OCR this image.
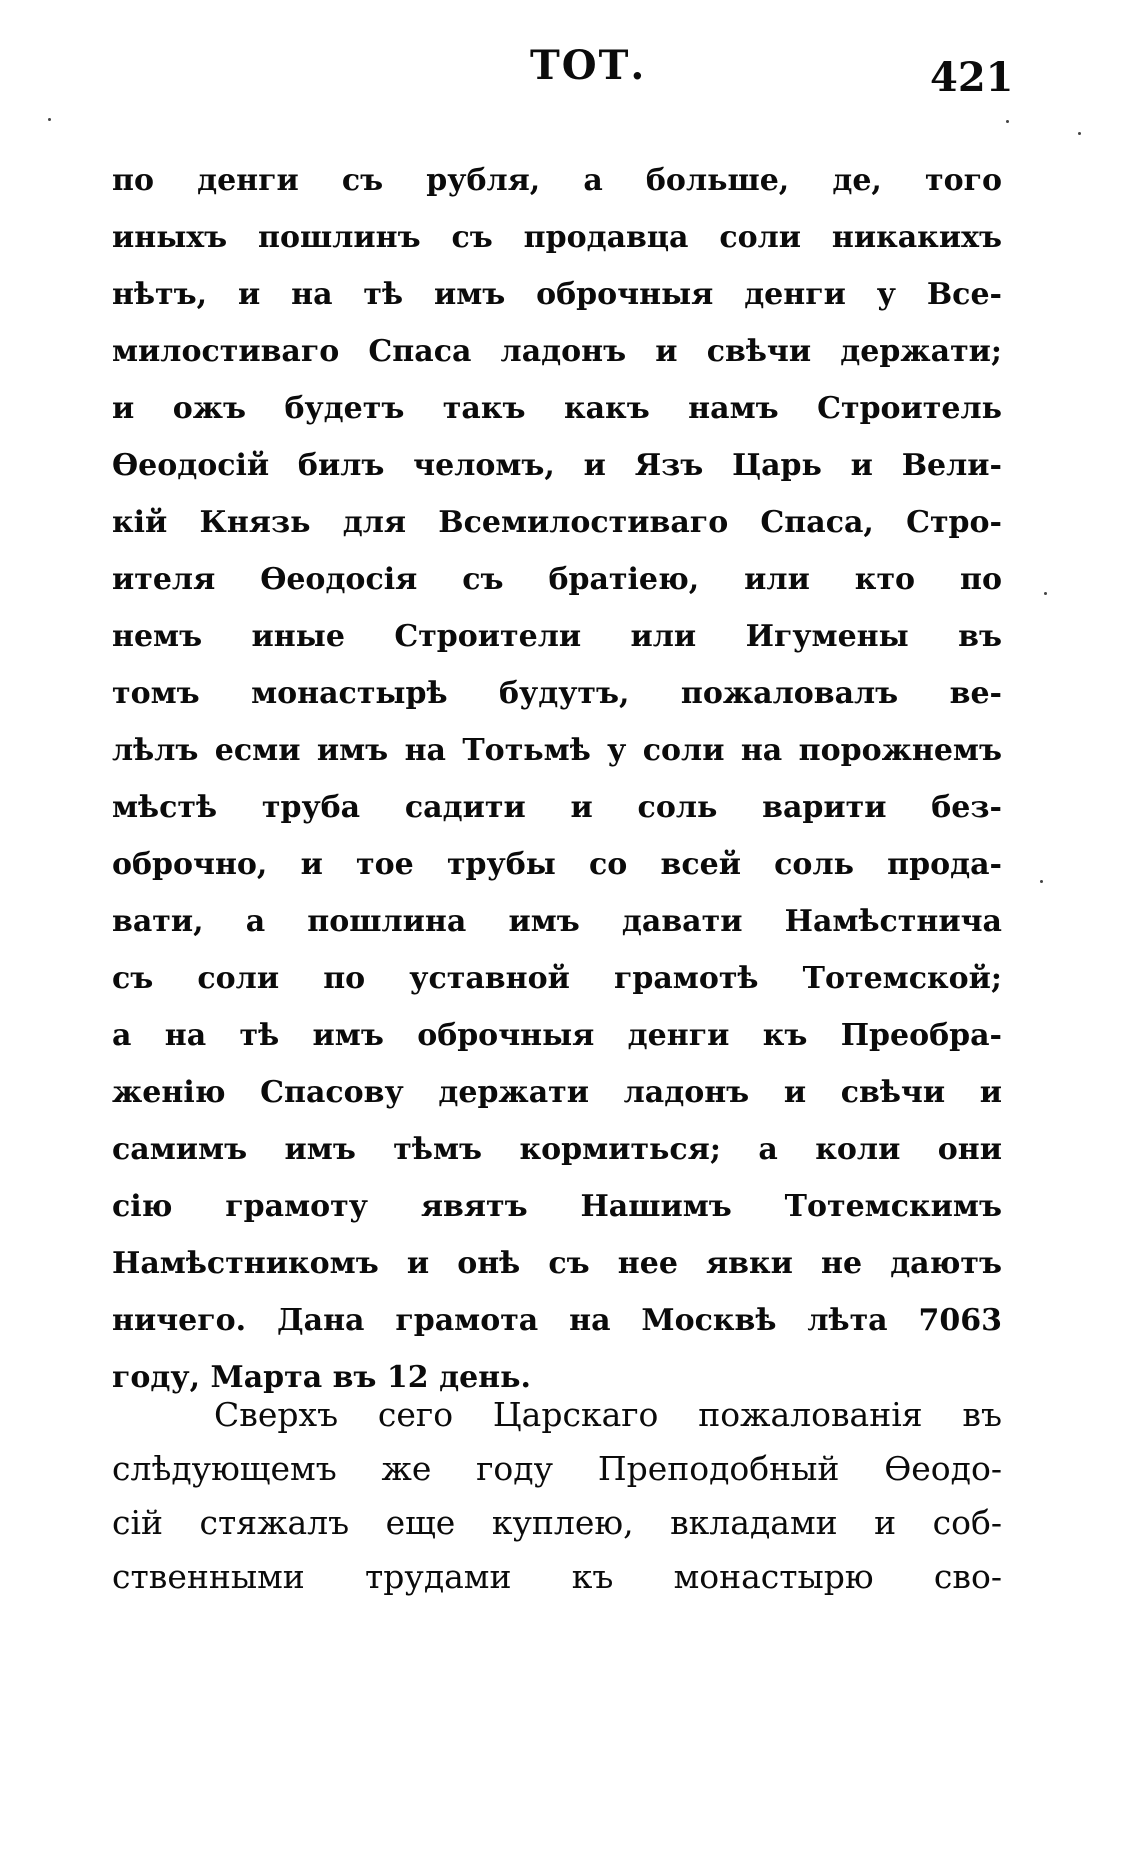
ТОТ.	421
по денги съ рубля, а больше, де, того
иныхъ пошлинъ съ продавца соли никакихъ
нѣтъ, и на тѣ имъ оброчныя денги у Все-
милостиваго Спаса ладонъ и свѣчи держати;
и ожъ будетъ такъ какъ намъ Строитель
Өеодосій билъ челомъ, и Язъ Царь и Вели-
кій Князь для Всемилостиваго Спаса, Стро-
ителя Өеодосія съ братіею, или кто по
немъ иные Строители или Игумены въ
томъ монастырѣ будутъ, пожаловалъ ве-
лѣлъ есми имъ на Тотьмѣ у соли на порожнемъ
мѣстѣ труба садити и соль варити без-
оброчно, и тое трубы со всей соль прода-
вати, а пошлина имъ давати Намѣстнича
съ соли по уставной грамотѣ Тотемской;
а на тѣ имъ оброчныя денги къ Преобра-
женію Спасову держати ладонъ и свѣчи и
самимъ имъ тѣмъ кормиться; а коли они
сію грамоту явятъ Нашимъ Тотемскимъ
Намѣстникомъ и онѣ съ нее явки не даютъ
ничего. Дана грамота на Москвѣ лѣта 7063
году, Марта въ 12 день.
Сверхъ сего Царскаго пожалованія въ
слѣдующемъ же году Преподобный Өеодо-
сій стяжалъ еще куплею, вкладами и соб-
ственными трудами къ монастырю сво-
